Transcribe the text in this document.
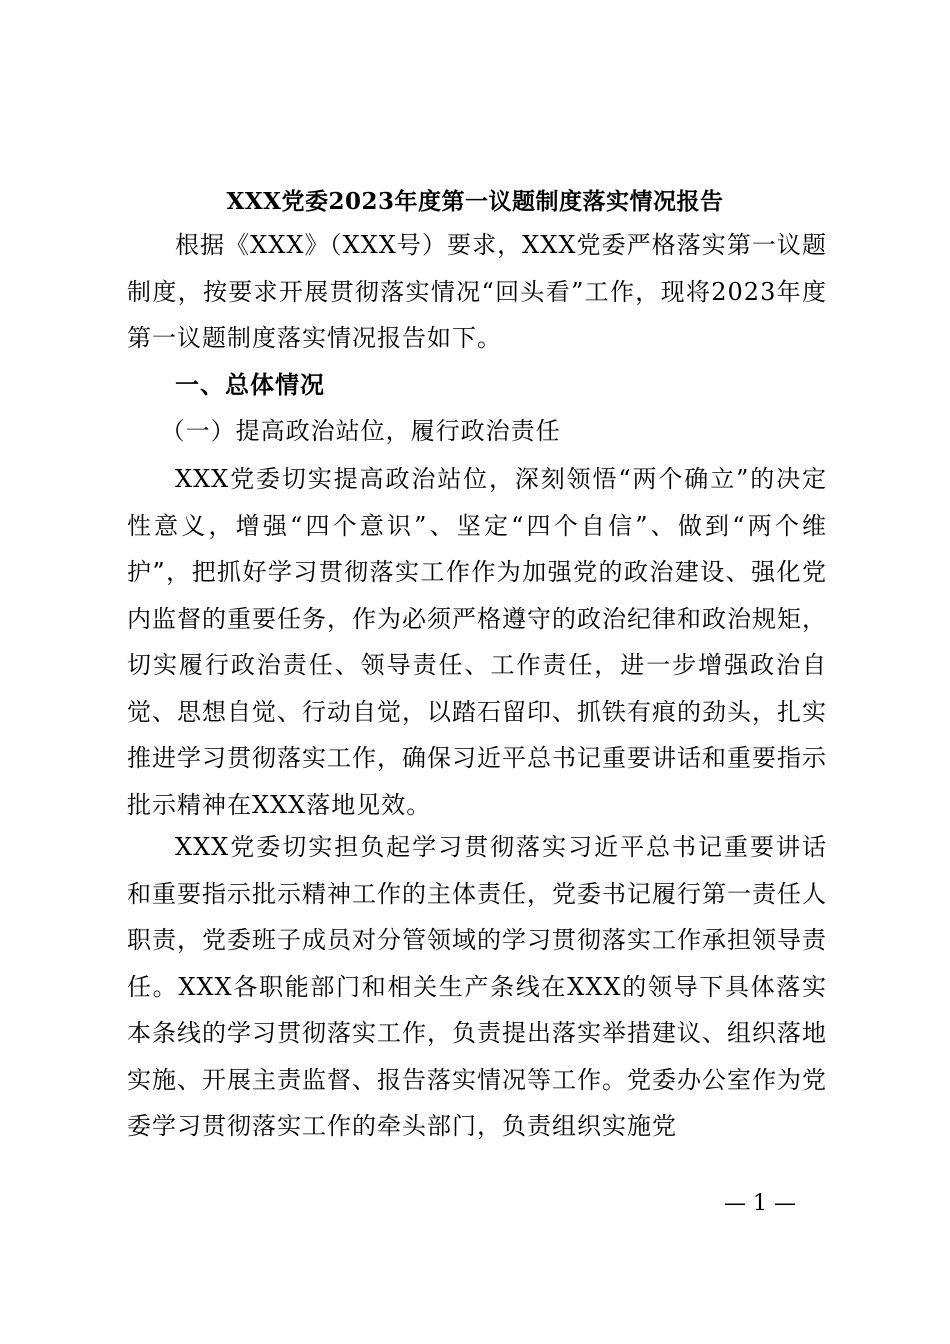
XXX党委2023年度第一议题制度落实情况报告

根据《XXX》（XXX号）要求，XXX党委严格落实第一议题制度，按要求开展贯彻落实情况“回头看”工作，现将2023年度第一议题制度落实情况报告如下。

一、总体情况

（一）提高政治站位，履行政治责任

XXX党委切实提高政治站位，深刻领悟“两个确立”的决定性意义，增强“四个意识”、坚定“四个自信”、做到“两个维护”，把抓好学习贯彻落实工作作为加强党的政治建设、强化党内监督的重要任务，作为必须严格遵守的政治纪律和政治规矩，切实履行政治责任、领导责任、工作责任，进一步增强政治自觉、思想自觉、行动自觉，以踏石留印、抓铁有痕的劲头，扎实推进学习贯彻落实工作，确保习近平总书记重要讲话和重要指示批示精神在XXX落地见效。

XXX党委切实担负起学习贯彻落实习近平总书记重要讲话和重要指示批示精神工作的主体责任，党委书记履行第一责任人职责，党委班子成员对分管领域的学习贯彻落实工作承担领导责任。XXX各职能部门和相关生产条线在XXX的领导下具体落实本条线的学习贯彻落实工作，负责提出落实举措建议、组织落地实施、开展主责监督、报告落实情况等工作。党委办公室作为党委学习贯彻落实工作的牵头部门，负责组织实施党

— 1 —
